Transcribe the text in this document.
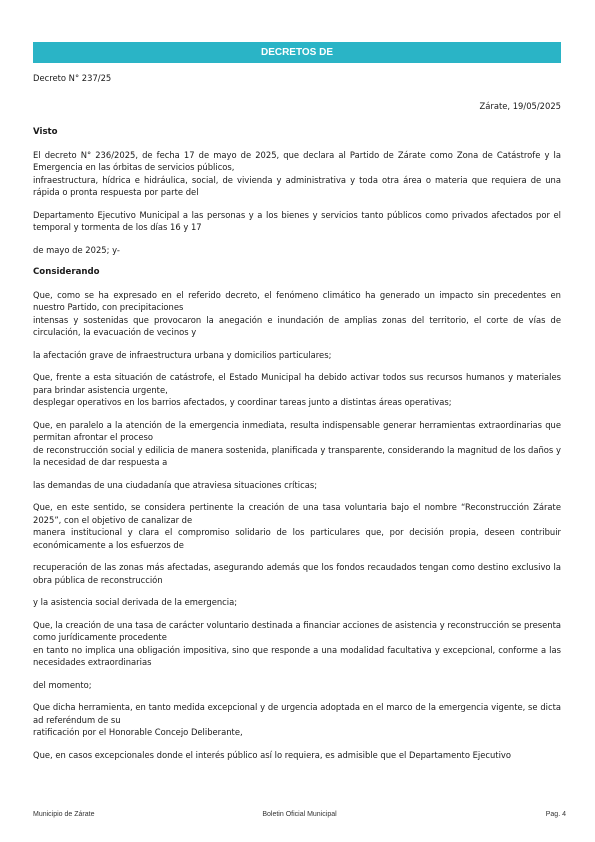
DECRETOS DE

Decreto N° 237/25

Zárate, 19/05/2025

Visto

El decreto N° 236/2025, de fecha 17 de mayo de 2025, que declara al Partido de Zárate como Zona de Catástrofe y la Emergencia en las órbitas de servicios públicos,
infraestructura, hídrica e hidráulica, social, de vivienda y administrativa y toda otra área o materia que requiera de una rápida o pronta respuesta por parte del

Departamento Ejecutivo Municipal a las personas y a los bienes y servicios tanto públicos como privados afectados por el temporal y tormenta de los días 16 y 17

de mayo de 2025; y-

Considerando

Que, como se ha expresado en el referido decreto, el fenómeno climático ha generado un impacto sin precedentes en nuestro Partido, con precipitaciones
intensas y sostenidas que provocaron la anegación e inundación de amplias zonas del territorio, el corte de vías de circulación, la evacuación de vecinos y

la afectación grave de infraestructura urbana y domicilios particulares;

Que, frente a esta situación de catástrofe, el Estado Municipal ha debido activar todos sus recursos humanos y materiales para brindar asistencia urgente,
desplegar operativos en los barrios afectados, y coordinar tareas junto a distintas áreas operativas;

Que, en paralelo a la atención de la emergencia inmediata, resulta indispensable generar herramientas extraordinarias que permitan afrontar el proceso
de reconstrucción social y edilicia de manera sostenida, planificada y transparente, considerando la magnitud de los daños y la necesidad de dar respuesta a

las demandas de una ciudadanía que atraviesa situaciones críticas;

Que, en este sentido, se considera pertinente la creación de una tasa voluntaria bajo el nombre “Reconstrucción Zárate 2025”, con el objetivo de canalizar de
manera institucional y clara el compromiso solidario de los particulares que, por decisión propia, deseen contribuir económicamente a los esfuerzos de

recuperación de las zonas más afectadas, asegurando además que los fondos recaudados tengan como destino exclusivo la obra pública de reconstrucción

y la asistencia social derivada de la emergencia;

Que, la creación de una tasa de carácter voluntario destinada a financiar acciones de asistencia y reconstrucción se presenta como jurídicamente procedente
en tanto no implica una obligación impositiva, sino que responde a una modalidad facultativa y excepcional, conforme a las necesidades extraordinarias

del momento;

Que dicha herramienta, en tanto medida excepcional y de urgencia adoptada en el marco de la emergencia vigente, se dicta ad referéndum de su
ratificación por el Honorable Concejo Deliberante,

Que, en casos excepcionales donde el interés público así lo requiera, es admisible que el Departamento Ejecutivo

Municipio de Zárate	Boletin Oficial Municipal	Pag. 4
